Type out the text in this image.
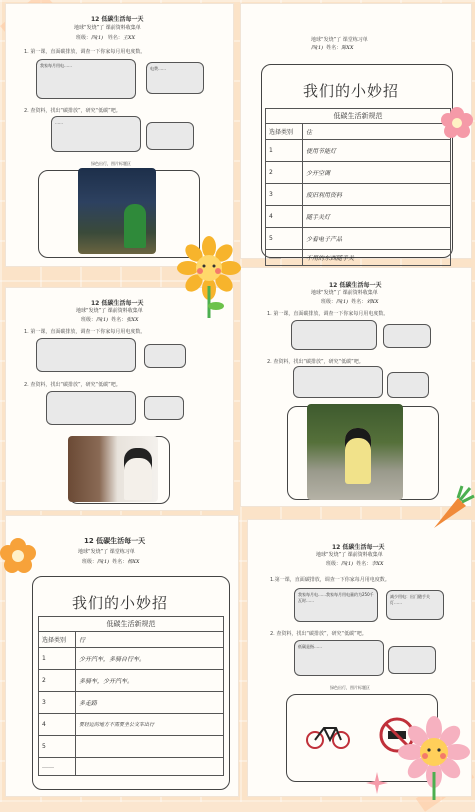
12 低碳生活每一天
地球“发烧”了 课前资料收集单
班级：四(1) 姓名：王XX
1. 第一课，直面碳排放，调查一下你家每月用电度数。
我家每月用电……
电费……
2. 查资料，找出“碳排放”，研究“低碳”吧。
……
绿色出行，图片标题区
地球“发烧”了 课堂练习单
四(1) 姓名：陈XX
我们的小妙招
低碳生活新规范	
选择类别	住
1	使用节能灯
2	少开空调
3	废旧利用资料
4	随手关灯
5	少看电子产品
……	不用的东西随手关
12 低碳生活每一天
地球“发烧”了 课前资料收集单
班级：四(1) 姓名：张XX
1. 第一课，直面碳排放，调查一下你家每月用电度数。
2. 查资料，找出“碳排放”，研究“低碳”吧。
12 低碳生活每一天
地球“发烧”了 课前资料收集单
班级：四(1) 姓名：刘XX
1. 第一课，直面碳排放，调查一下你家每月用电度数。
2. 查资料，找出“碳排放”，研究“低碳”吧。
12 低碳生活每一天
地球“发烧”了 课堂练习单
班级：四(1) 姓名：杨XX
我们的小妙招
低碳生活新规范	
选择类别	行
1	少开汽车，多骑自行车。
2	多骑车，少开汽车。
3	多走路
4	要轻近的地方不需要坐公交车出行
5	
……	
12 低碳生活每一天
地球“发烧”了 课前资料收集单
班级：四(1) 姓名：李XX
1.第一课，直面碳排放，调查一下你家每月用电度数。
我家每月电……我家每月用电量约为250千瓦时……
减少用电：出门随手关灯……
2. 查资料，找出“碳排放”，研究“低碳”吧。
低碳是指……
绿色出行，图片标题区
